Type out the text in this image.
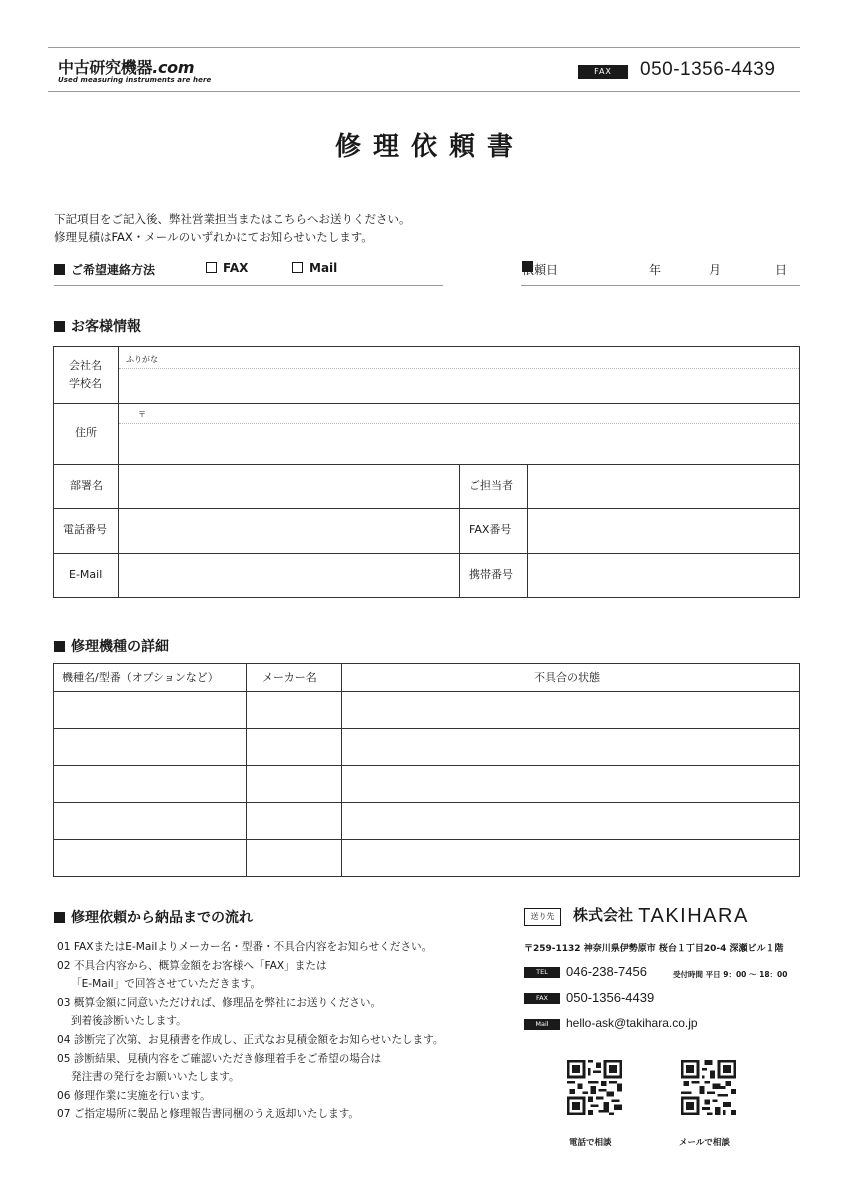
中古研究機器.com
Used measuring instruments are here
FAX	050-1356-4439
修理依頼書
下記項目をご記入後、弊社営業担当またはこちらへお送りください。
修理見積はFAX・メールのいずれかにてお知らせいたします。
ご希望連絡方法	FAX	Mail	依頼日	年	月	日
お客様情報
会社名
学校名
ふりがな
住所
〒
部署名	ご担当者
電話番号	FAX番号
E-Mail	携帯番号
修理機種の詳細
機種名/型番（オプションなど）	メーカー名	不具合の状態
修理依頼から納品までの流れ
01 FAXまたはE-Mailよりメーカー名・型番・不具合内容をお知らせください。
02 不具合内容から、概算金額をお客様へ「FAX」または
「E-Mail」で回答させていただきます。
03 概算金額に同意いただければ、修理品を弊社にお送りください。
到着後診断いたします。
04 診断完了次第、お見積書を作成し、正式なお見積金額をお知らせいたします。
05 診断結果、見積内容をご確認いただき修理着手をご希望の場合は
発注書の発行をお願いいたします。
06 修理作業に実施を行います。
07 ご指定場所に製品と修理報告書同梱のうえ返却いたします。
送り先	株式会社 TAKIHARA
〒259-1132 神奈川県伊勢原市 桜台１丁目20-4 深瀬ビル１階
TEL	046-238-7456	受付時間 平日 9：00 〜 18：00
FAX	050-1356-4439
Mail	hello-ask@takihara.co.jp
電話で相談	メールで相談
